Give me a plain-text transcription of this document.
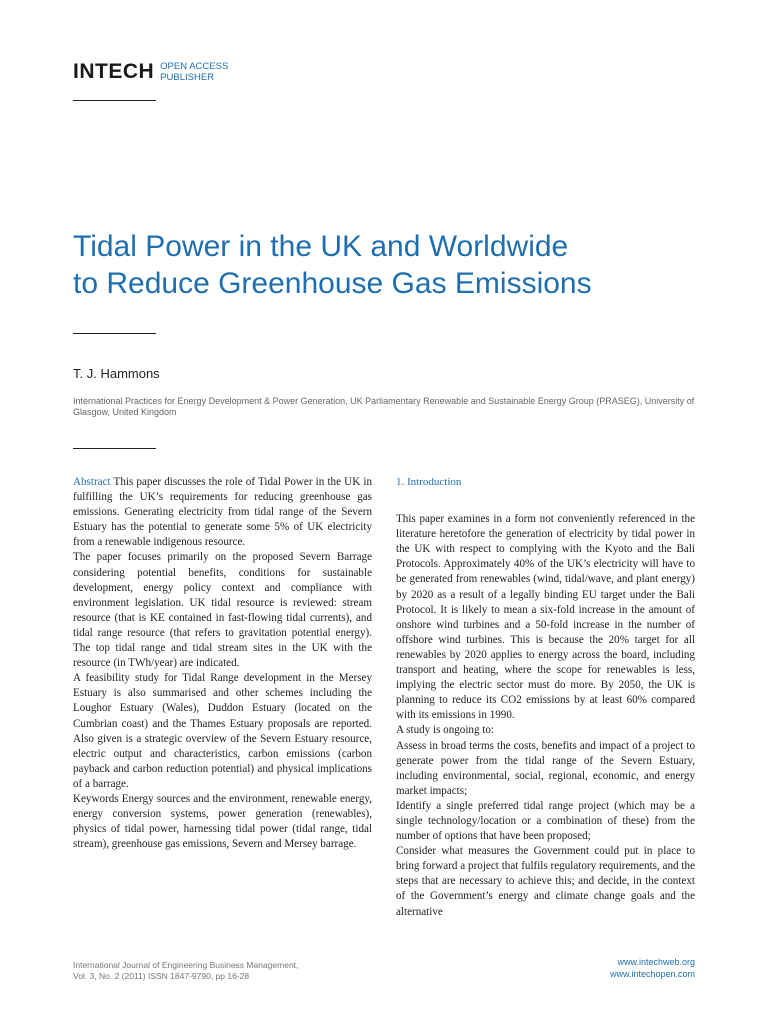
INTECH OPEN ACCESS
PUBLISHER
Tidal Power in the UK and Worldwide
to Reduce Greenhouse Gas Emissions
T. J. Hammons
International Practices for Energy Development & Power Generation, UK Parliamentary Renewable and Sustainable Energy Group (PRASEG), University of Glasgow, United Kingdom

Abstract This paper discusses the role of Tidal Power in the UK in fulfilling the UK’s requirements for reducing greenhouse gas emissions. Generating electricity from tidal range of the Severn Estuary has the potential to generate some 5% of UK electricity from a renewable indigenous resource.

The paper focuses primarily on the proposed Severn Barrage considering potential benefits, conditions for sustainable development, energy policy context and compliance with environment legislation. UK tidal resource is reviewed: stream resource (that is KE contained in fast-flowing tidal currents), and tidal range resource (that refers to gravitation potential energy). The top tidal range and tidal stream sites in the UK with the resource (in TWh/year) are indicated.

A feasibility study for Tidal Range development in the Mersey Estuary is also summarised and other schemes including the Loughor Estuary (Wales), Duddon Estuary (located on the Cumbrian coast) and the Thames Estuary proposals are reported. Also given is a strategic overview of the Severn Estuary resource, electric output and characteristics, carbon emissions (carbon payback and carbon reduction potential) and physical implications of a barrage.

Keywords Energy sources and the environment, renewable energy, energy conversion systems, power generation (renewables), physics of tidal power, harnessing tidal power (tidal range, tidal stream), greenhouse gas emissions, Severn and Mersey barrage.

1. Introduction

This paper examines in a form not conveniently referenced in the literature heretofore the generation of electricity by tidal power in the UK with respect to complying with the Kyoto and the Bali Protocols. Approximately 40% of the UK’s electricity will have to be generated from renewables (wind, tidal/wave, and plant energy) by 2020 as a result of a legally binding EU target under the Bali Protocol. It is likely to mean a six-fold increase in the amount of onshore wind turbines and a 50-fold increase in the number of offshore wind turbines. This is because the 20% target for all renewables by 2020 applies to energy across the board, including transport and heating, where the scope for renewables is less, implying the electric sector must do more. By 2050, the UK is planning to reduce its CO2 emissions by at least 60% compared with its emissions in 1990.

A study is ongoing to:

Assess in broad terms the costs, benefits and impact of a project to generate power from the tidal range of the Severn Estuary, including environmental, social, regional, economic, and energy market impacts;

Identify a single preferred tidal range project (which may be a single technology/location or a combination of these) from the number of options that have been proposed;

Consider what measures the Government could put in place to bring forward a project that fulfils regulatory requirements, and the steps that are necessary to achieve this; and decide, in the context of the Government’s energy and climate change goals and the alternative

International Journal of Engineering Business Management,
Vol. 3, No. 2 (2011) ISSN 1847-9790, pp 16-28
www.intechweb.org
www.intechopen.com
